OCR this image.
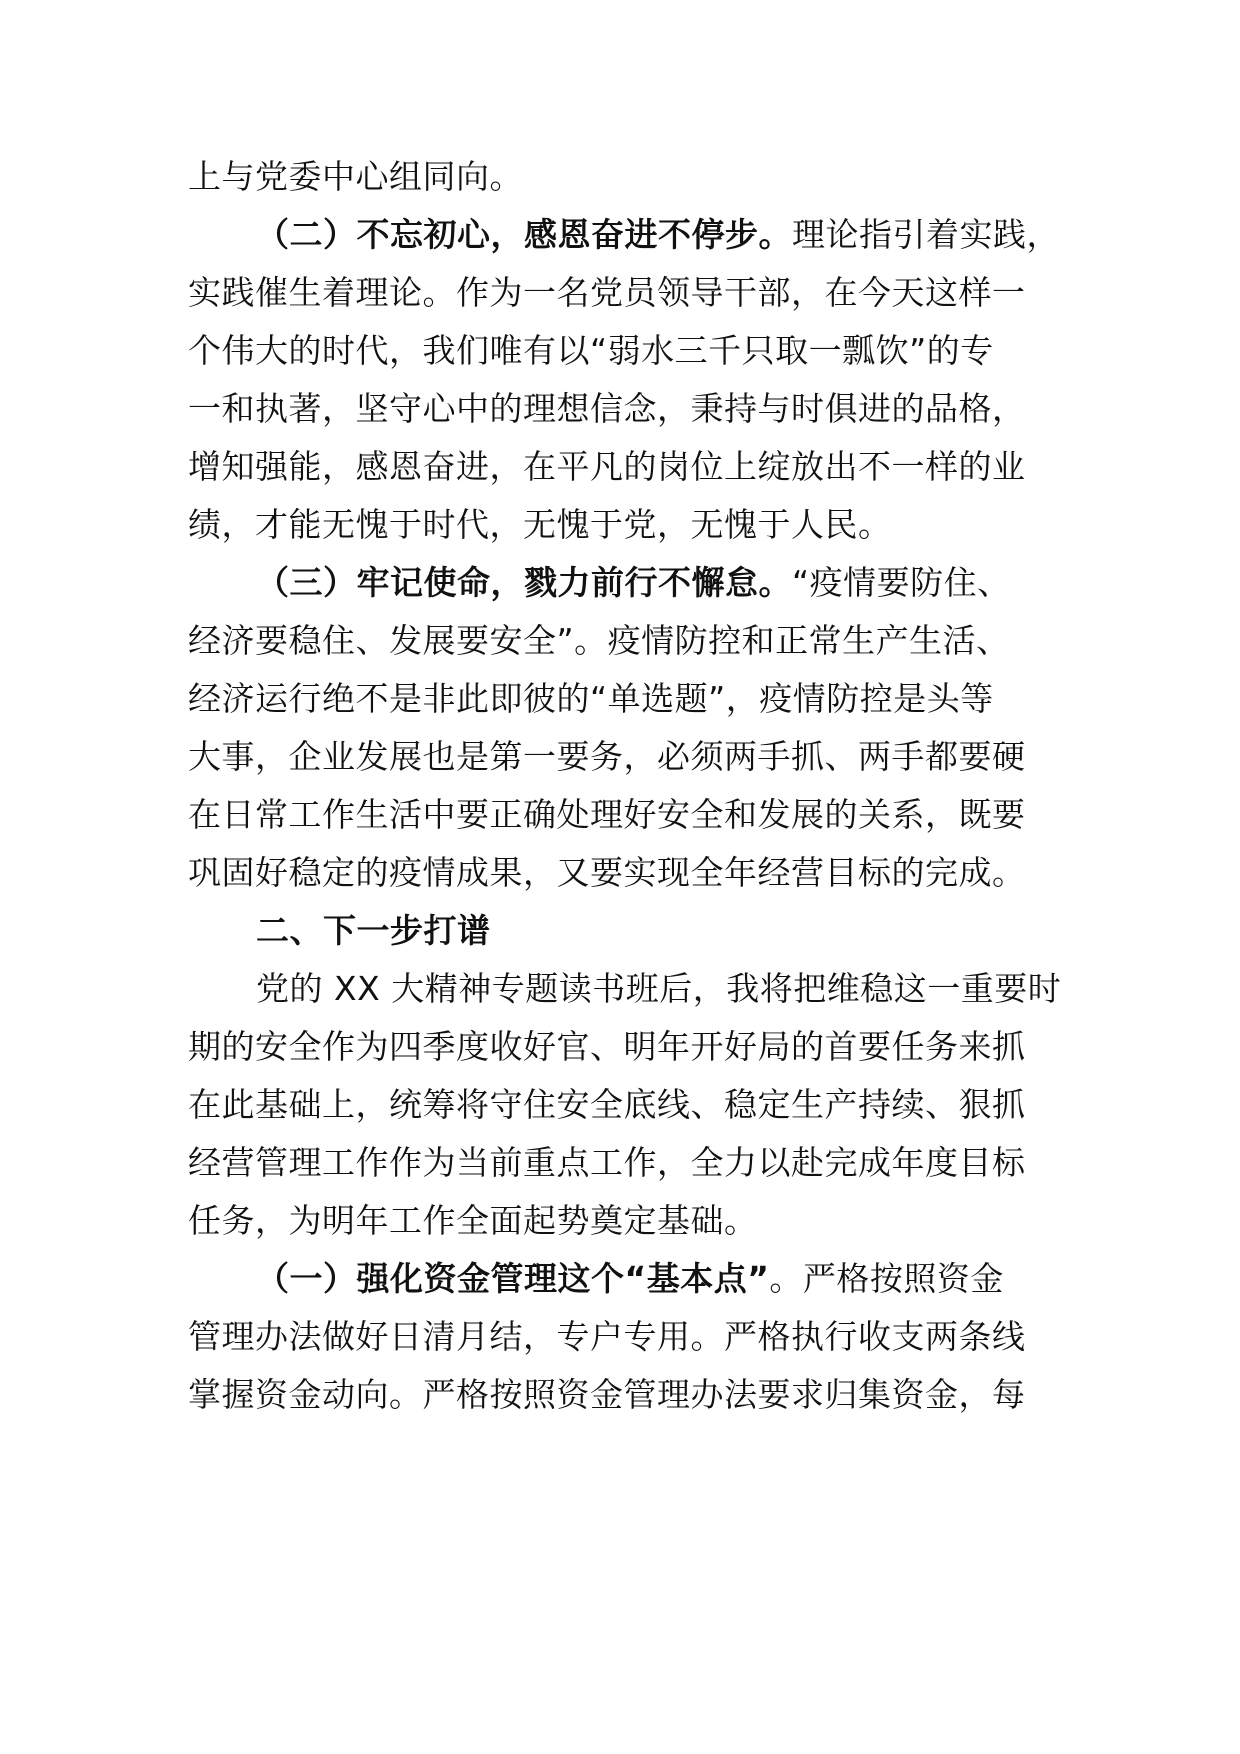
上与党委中心组同向。
（二）不忘初心，感恩奋进不停步。理论指引着实践，
实践催生着理论。作为一名党员领导干部，在今天这样一
个伟大的时代，我们唯有以“弱水三千只取一瓢饮”的专
一和执著，坚守心中的理想信念，秉持与时俱进的品格，
增知强能，感恩奋进，在平凡的岗位上绽放出不一样的业
绩，才能无愧于时代，无愧于党，无愧于人民。
（三）牢记使命，戮力前行不懈怠。“疫情要防住、
经济要稳住、发展要安全”。疫情防控和正常生产生活、
经济运行绝不是非此即彼的“单选题”，疫情防控是头等
大事，企业发展也是第一要务，必须两手抓、两手都要硬
在日常工作生活中要正确处理好安全和发展的关系，既要
巩固好稳定的疫情成果，又要实现全年经营目标的完成。
二、下一步打谱
党的 XX 大精神专题读书班后，我将把维稳这一重要时
期的安全作为四季度收好官、明年开好局的首要任务来抓
在此基础上，统筹将守住安全底线、稳定生产持续、狠抓
经营管理工作作为当前重点工作，全力以赴完成年度目标
任务，为明年工作全面起势奠定基础。
（一）强化资金管理这个“基本点”。严格按照资金
管理办法做好日清月结，专户专用。严格执行收支两条线
掌握资金动向。严格按照资金管理办法要求归集资金，每
